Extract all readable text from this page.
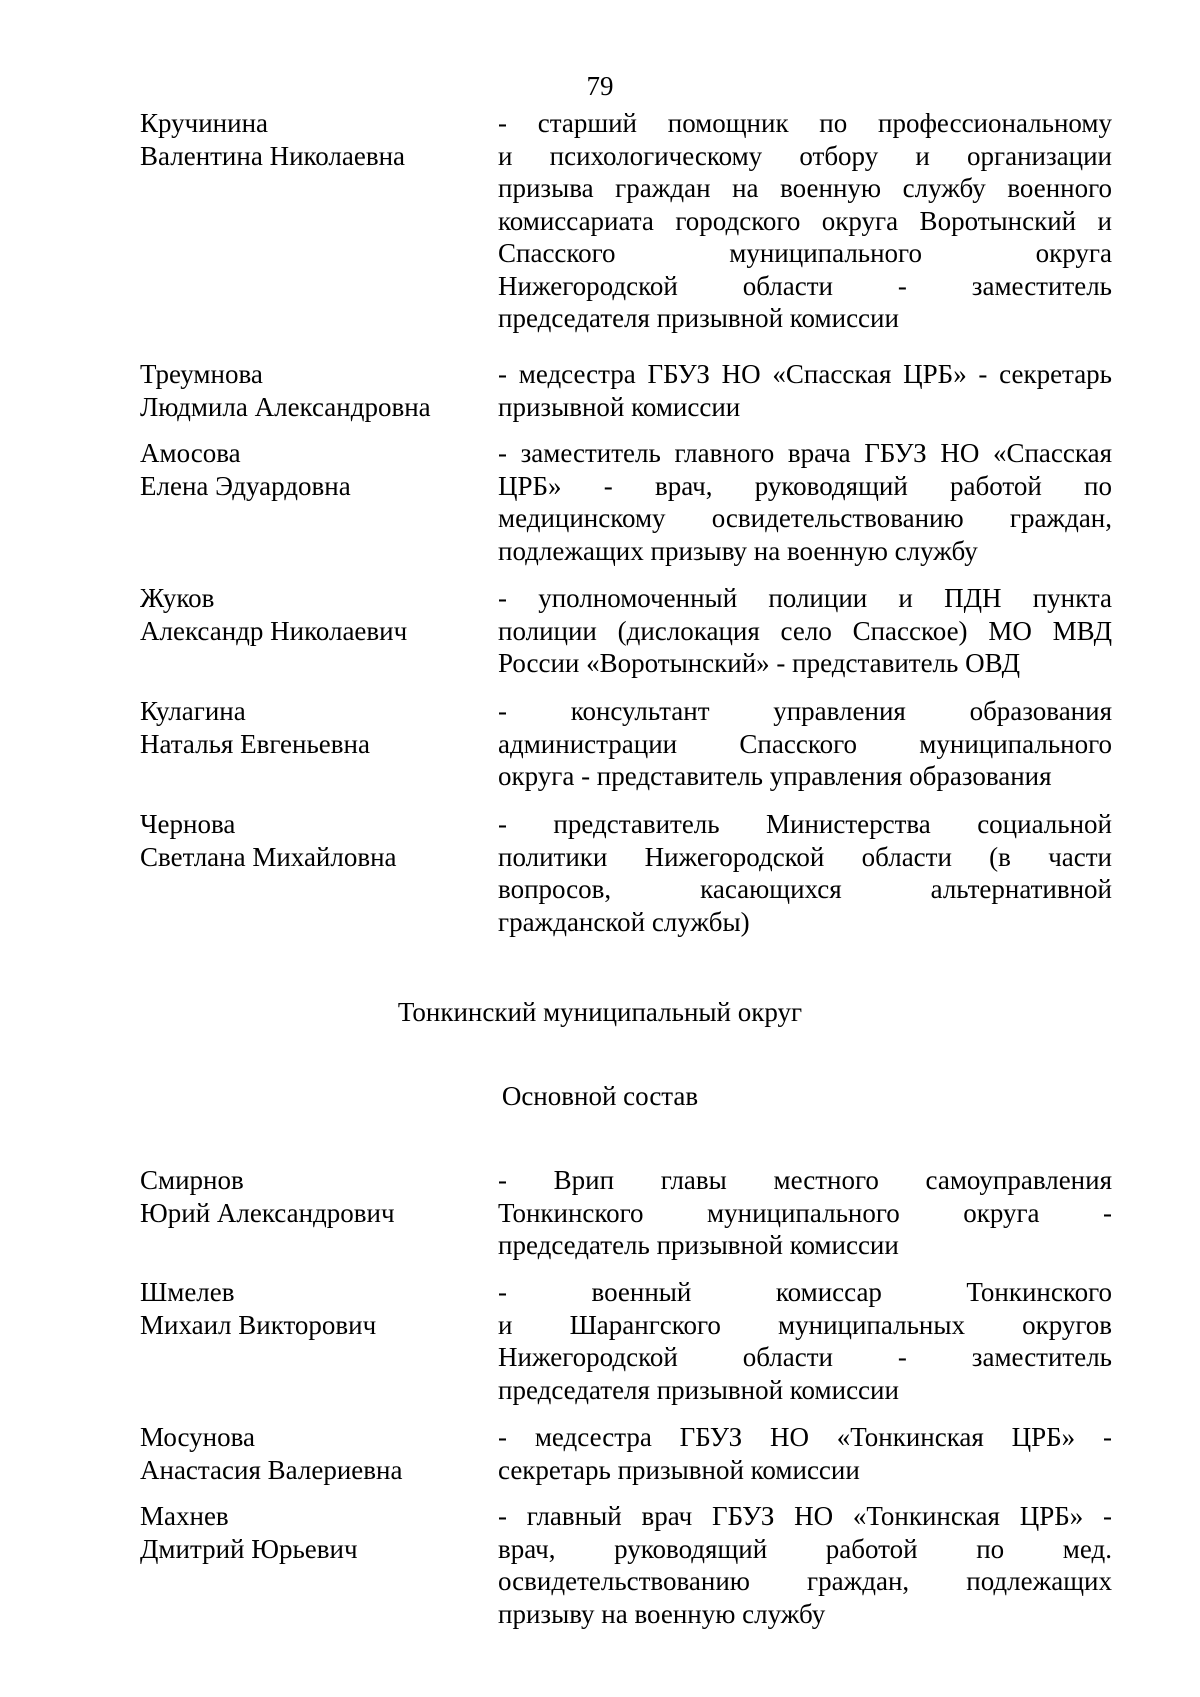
79
Кручинина
Валентина Николаевна
- старший помощник по профессиональному
и психологическому отбору и организации
призыва граждан на военную службу военного
комиссариата городского округа Воротынский и
Спасского муниципального округа
Нижегородской области - заместитель
председателя призывной комиссии
Треумнова
Людмила Александровна
- медсестра ГБУЗ НО «Спасская ЦРБ» - секретарь
призывной комиссии
Амосова
Елена Эдуардовна
- заместитель главного врача ГБУЗ НО «Спасская
ЦРБ» - врач, руководящий работой по
медицинскому освидетельствованию граждан,
подлежащих призыву на военную службу
Жуков
Александр Николаевич
- уполномоченный полиции и ПДН пункта
полиции (дислокация село Спасское) МО МВД
России «Воротынский» - представитель ОВД
Кулагина
Наталья Евгеньевна
- консультант управления образования
администрации Спасского муниципального
округа - представитель управления образования
Чернова
Светлана Михайловна
- представитель Министерства социальной
политики Нижегородской области (в части
вопросов, касающихся альтернативной
гражданской службы)
Тонкинский муниципальный округ
Основной состав
Смирнов
Юрий Александрович
- Врип главы местного самоуправления
Тонкинского муниципального округа -
председатель призывной комиссии
Шмелев
Михаил Викторович
- военный комиссар Тонкинского
и Шарангского муниципальных округов
Нижегородской области - заместитель
председателя призывной комиссии
Мосунова
Анастасия Валериевна
- медсестра ГБУЗ НО «Тонкинская ЦРБ» -
секретарь призывной комиссии
Махнев
Дмитрий Юрьевич
- главный врач ГБУЗ НО «Тонкинская ЦРБ» -
врач, руководящий работой по мед.
освидетельствованию граждан, подлежащих
призыву на военную службу
